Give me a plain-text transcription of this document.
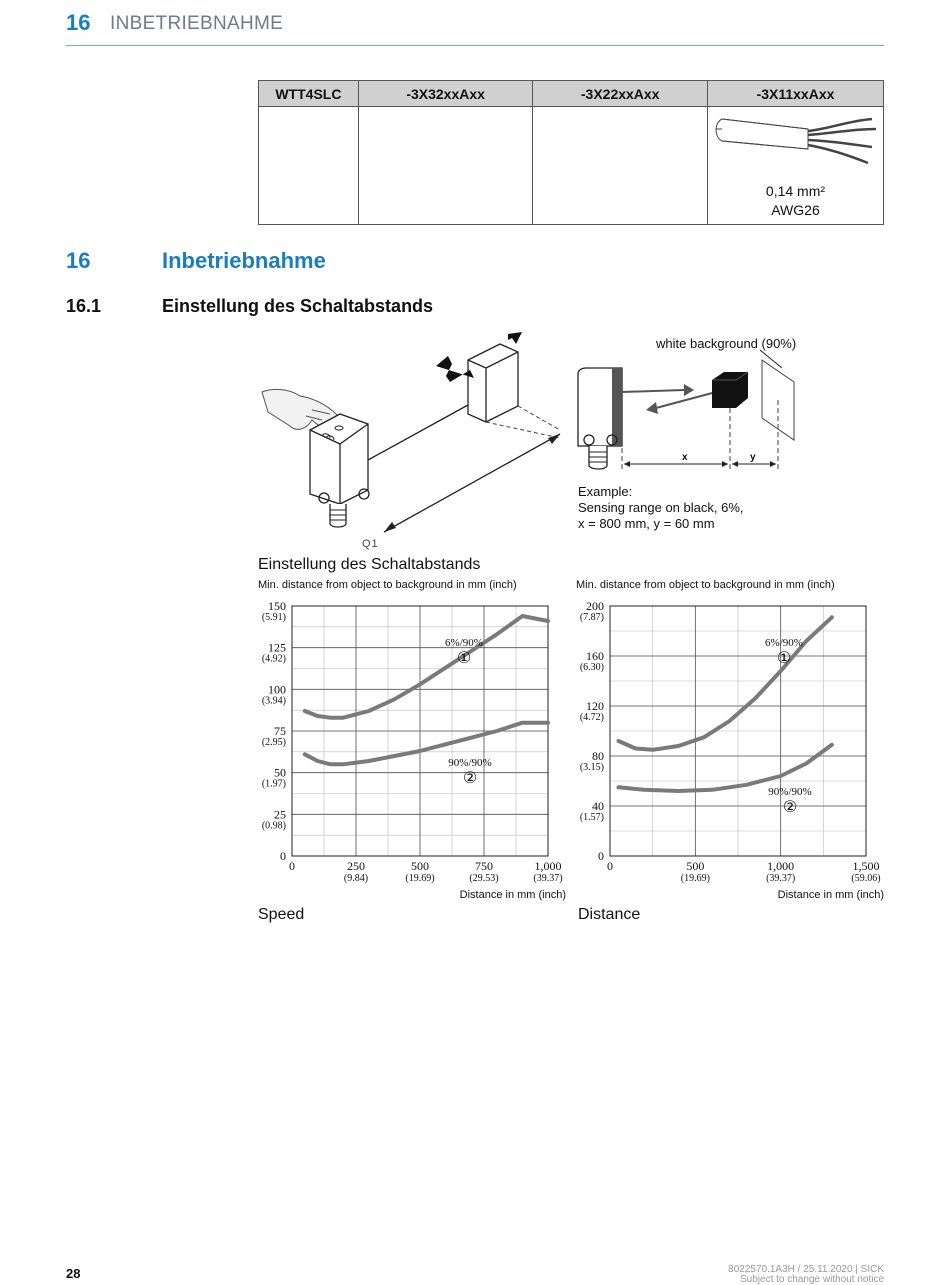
16 INBETRIEBNAHME
WTT4SLC	-3X32xxAxx	-3X22xxAxx	-3X11xxAxx

			0,14 mm²
AWG26
16	Inbetriebnahme
16.1	Einstellung des Schaltabstands
Q1
white background (90%)
x	y
Example:
Sensing range on black, 6%,
x = 800 mm, y = 60 mm
Einstellung des Schaltabstands
Min. distance from object to background in mm (inch)
0	250
(9.84)
500
(19.69)
750
(29.53)
1,000
(39.37)
0
25
(0.98)
50
(1.97)
75
(2.95)
100
(3.94)
125
(4.92)
150
(5.91)
Distance in mm (inch)
6%/90%
①
90%/90%
②
Min. distance from object to background in mm (inch)
0	500
(19.69)
1,000
(39.37)
1,500
(59.06)
0
40
(1.57)
80
(3.15)
120
(4.72)
160
(6.30)
200
(7.87)
Distance in mm (inch)
6%/90%
①
90%/90%
②
Speed	Distance
28	8022570.1A3H / 25.11.2020 | SICK
Subject to change without notice
